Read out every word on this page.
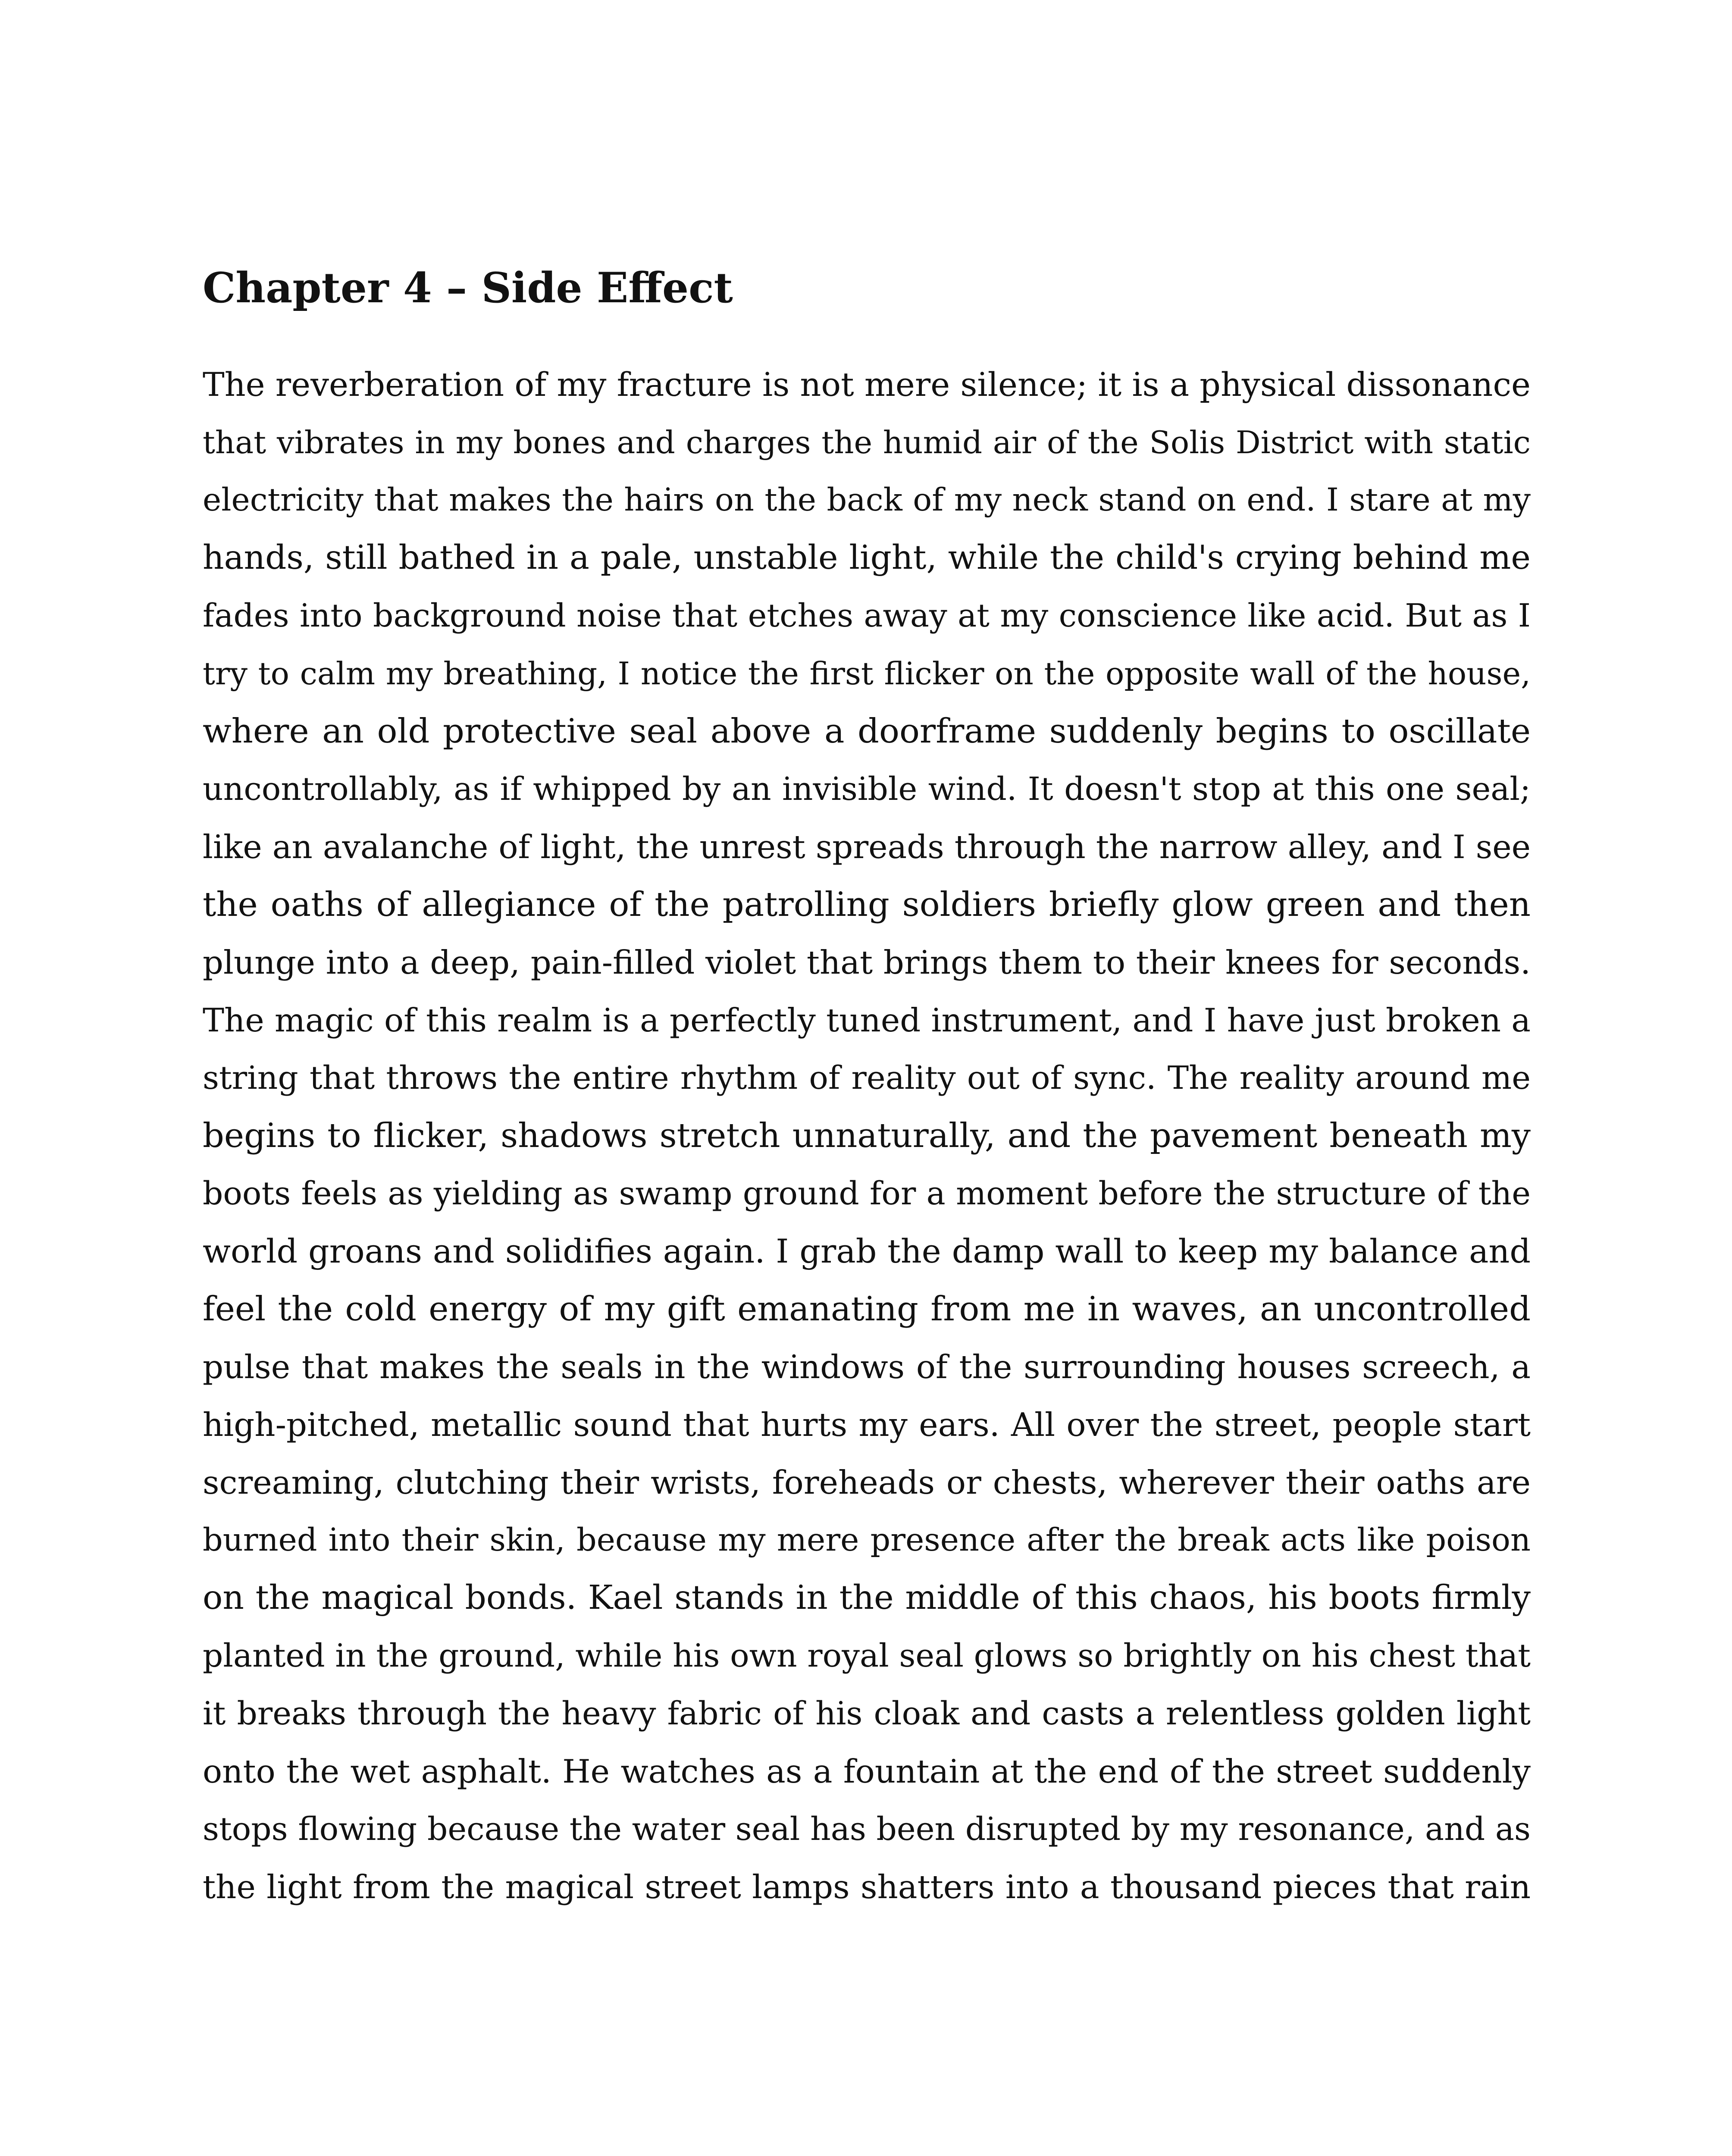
Chapter 4 – Side Effect
The reverberation of my fracture is not mere silence; it is a physical dissonance
that vibrates in my bones and charges the humid air of the Solis District with static
electricity that makes the hairs on the back of my neck stand on end. I stare at my
hands, still bathed in a pale, unstable light, while the child's crying behind me
fades into background noise that etches away at my conscience like acid. But as I
try to calm my breathing, I notice the first flicker on the opposite wall of the house,
where an old protective seal above a doorframe suddenly begins to oscillate
uncontrollably, as if whipped by an invisible wind. It doesn't stop at this one seal;
like an avalanche of light, the unrest spreads through the narrow alley, and I see
the oaths of allegiance of the patrolling soldiers briefly glow green and then
plunge into a deep, pain-filled violet that brings them to their knees for seconds.
The magic of this realm is a perfectly tuned instrument, and I have just broken a
string that throws the entire rhythm of reality out of sync. The reality around me
begins to flicker, shadows stretch unnaturally, and the pavement beneath my
boots feels as yielding as swamp ground for a moment before the structure of the
world groans and solidifies again. I grab the damp wall to keep my balance and
feel the cold energy of my gift emanating from me in waves, an uncontrolled
pulse that makes the seals in the windows of the surrounding houses screech, a
high-pitched, metallic sound that hurts my ears. All over the street, people start
screaming, clutching their wrists, foreheads or chests, wherever their oaths are
burned into their skin, because my mere presence after the break acts like poison
on the magical bonds. Kael stands in the middle of this chaos, his boots firmly
planted in the ground, while his own royal seal glows so brightly on his chest that
it breaks through the heavy fabric of his cloak and casts a relentless golden light
onto the wet asphalt. He watches as a fountain at the end of the street suddenly
stops flowing because the water seal has been disrupted by my resonance, and as
the light from the magical street lamps shatters into a thousand pieces that rain
